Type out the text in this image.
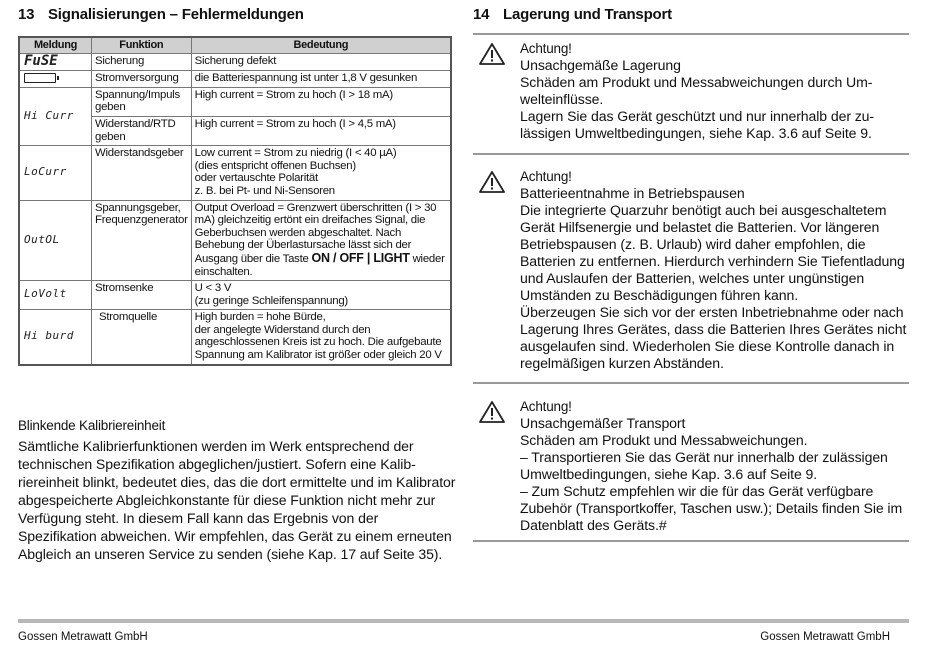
13 Signalisierungen – Fehlermeldungen	14 Lagerung und Transport
Meldung	Funktion	Bedeutung
FuSE	Sicherung	Sicherung defekt
	Stromversorgung	die Batteriespannung ist unter 1,8 V gesunken
Hi Curr	Spannung/Impuls geben	High current = Strom zu hoch (I > 18 mA)
	Widerstand/RTD geben	High current = Strom zu hoch (I > 4,5 mA)
LoCurr	Widerstandsgeber	Low current = Strom zu niedrig (I < 40 µA)
(dies entspricht offenen Buchsen)
oder vertauschte Polarität
z. B. bei Pt- und Ni-Sensoren

OutOL	Spannungsgeber, Frequenzgenerator	Output Overload = Grenzwert überschritten (I > 30 mA) gleichzeitig ertönt ein dreifaches Signal, die Geberbuchsen werden abgeschaltet. Nach Behebung der Überlastursache lässt sich der Ausgang über die Taste ON / OFF | LIGHT wieder einschalten.
LoVolt	Stromsenke	U < 3 V
(zu geringe Schleifenspannung)

Hi burd	Stromquelle	High burden = hohe Bürde,
der angelegte Widerstand durch den angeschlossenen Kreis ist zu hoch. Die aufgebaute Spannung am Kalibrator ist größer oder gleich 20 V
Blinkende Kalibriereinheit
Sämtliche Kalibrierfunktionen werden im Werk entsprechend der technischen Spezifikation abgeglichen/justiert. Sofern eine Kalibriereinheit blinkt, bedeutet dies, das die dort ermittelte und im Kalibrator abgespeicherte Abgleichkonstante für diese Funktion nicht mehr zur Verfügung steht. In diesem Fall kann das Ergebnis von der Spezifikation abweichen. Wir empfehlen, das Gerät zu einem erneuten Abgleich an unseren Service zu senden (siehe Kap. 17 auf Seite 35).
Achtung!
Unsachgemäße Lagerung
Schäden am Produkt und Messabweichungen durch Umwelteinflüsse.
Lagern Sie das Gerät geschützt und nur innerhalb der zulässigen Umweltbedingungen, siehe Kap. 3.6 auf Seite 9.
Achtung!
Batterieentnahme in Betriebspausen
Die integrierte Quarzuhr benötigt auch bei ausgeschaltetem Gerät Hilfsenergie und belastet die Batterien. Vor längeren Betriebspausen (z. B. Urlaub) wird daher empfohlen, die Batterien zu entfernen. Hierdurch verhindern Sie Tiefentladung und Auslaufen der Batterien, welches unter ungünstigen Umständen zu Beschädigungen führen kann.
Überzeugen Sie sich vor der ersten Inbetriebnahme oder nach Lagerung Ihres Gerätes, dass die Batterien Ihres Gerätes nicht ausgelaufen sind. Wiederholen Sie diese Kontrolle danach in regelmäßigen kurzen Abständen.
Achtung!
Unsachgemäßer Transport
Schäden am Produkt und Messabweichungen.
– Transportieren Sie das Gerät nur innerhalb der zulässigen Umweltbedingungen, siehe Kap. 3.6 auf Seite 9.
– Zum Schutz empfehlen wir die für das Gerät verfügbare Zubehör (Transportkoffer, Taschen usw.); Details finden Sie im Datenblatt des Geräts.#
Gossen Metrawatt GmbH	Gossen Metrawatt GmbH
